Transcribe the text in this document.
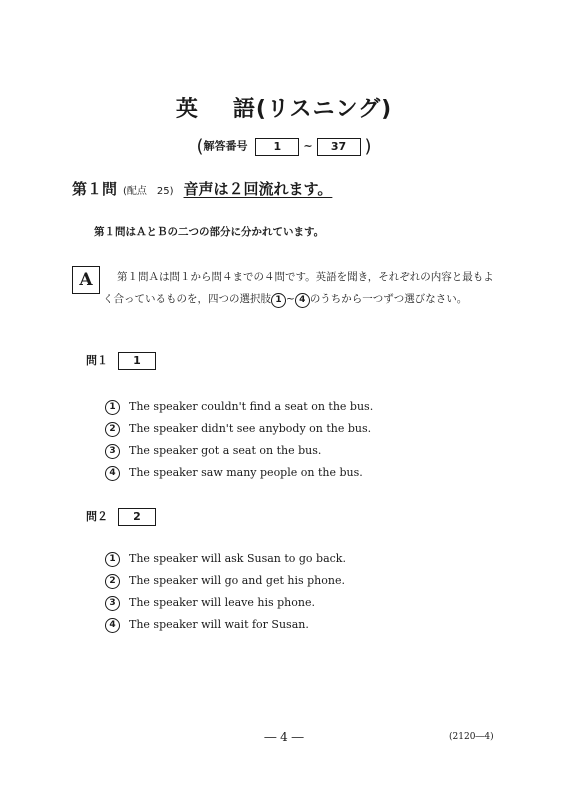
英 語(リスニング)
(解答番号 1 ~ 37 )
第１問 (配点　25) 音声は２回流れます。
第１問はＡとＢの二つの部分に分かれています。
A	第１問Ａは問１から問４までの４問です。英語を聞き，それぞれの内容と最もよく合っているものを，四つの選択肢 1 ~ 4 のうちから一つずつ選びなさい。
問１ 1
1 The speaker couldn't find a seat on the bus.
2 The speaker didn't see anybody on the bus.
3 The speaker got a seat on the bus.
4 The speaker saw many people on the bus.
問２ 2
1 The speaker will ask Susan to go back.
2 The speaker will go and get his phone.
3 The speaker will leave his phone.
4 The speaker will wait for Susan.
― 4 ―	(2120―4)
